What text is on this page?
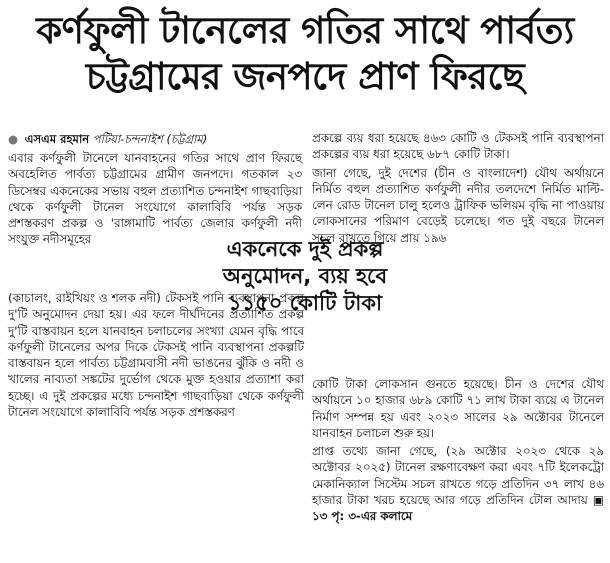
কর্ণফুলী টানেলের গতির সাথে পার্বত্য
চট্টগ্রামের জনপদে প্রাণ ফিরছে
● এসএম রহমান পটিয়া-চন্দনাইশ (চট্টগ্রাম)

এবার কর্ণফুলী টানেলে যানবাহনের গতির সাথে প্রাণ ফিরছে অবহেলিত পার্বত্য চট্টগ্রামের গ্রামীণ জনপদে। গতকাল ২৩ ডিসেম্বর একনেকের সভায় বহুল প্রত্যাশিত চন্দনাইশ গাছবাড়িয়া থেকে কর্ণফুলী টানেল সংযোগে কালাবিবি পর্যন্ত সড়ক প্রশস্তকরণ প্রকল্প ও 'রাঙ্গামাটি পার্বত্য জেলার কর্ণফুলী নদী সংযুক্ত নদীসমূহের	একনেকে দুই প্রকল্প
অনুমোদন, ব্যয় হবে
১১৫০ কোটি টাকা

(কাচালং, রাইখিয়ং ও শলক নদী) টেকসই পানি ব্যবস্থাপনা প্রকল্প দু'টি অনুমোদন দেয়া হয়। এর ফলে দীর্ঘদিনের প্রত্যাশিত প্রকল্প দু'টি বাস্তবায়ন হলে যানবাহন চলাচলের সংখ্যা যেমন বৃদ্ধি পাবে কর্ণফুলী টানেলের অপর দিকে টেকসই পানি ব্যবস্থাপনা প্রকল্পটি বাস্তবায়ন হলে পার্বত্য চট্টগ্রামবাসী নদী ভাঙনের ঝুঁকি ও নদী ও খালের নাব্যতা সঙ্কটের দুর্ভোগ থেকে মুক্ত হওয়ার প্রত্যাশা করা হচ্ছে। এ দুই প্রকল্পের মধ্যে চন্দনাইশ গাছবাড়িয়া থেকে কর্ণফুলী টানেল সংযোগে কালাবিবি পর্যন্ত সড়ক প্রশস্তকরণ

প্রকল্পে ব্যয় ধরা হয়েছে ৪৬৩ কোটি ও টেকসই পানি ব্যবস্থাপনা প্রকল্পের ব্যয় ধরা হয়েছে ৬৮৭ কোটি টাকা।

জানা গেছে, দুই দেশের (চীন ও বাংলাদেশ) যৌথ অর্থায়নে নির্মিত বহুল প্রত্যাশিত কর্ণফুলী নদীর তলদেশে নির্মিত মাল্টি-লেন রোড টানেল চালু হলেও ট্রাফিক ভলিয়ম বৃদ্ধি না পাওয়ায় লোকসানের পরিমাণ বেড়েই চলেছে। গত দুই বছরে টানেল সচল রাখতে গিয়ে প্রায় ১৯৬

কোটি টাকা লোকসান গুনতে হয়েছে। চীন ও দেশের যৌথ অর্থায়নে ১০ হাজার ৬৮৯ কোটি ৭১ লাখ টাকা ব্যয়ে এ টানেল নির্মাণ সম্পন্ন হয় এবং ২০২৩ সালের ২৯ অক্টোবর টানেলে যানবাহন চলাচল শুরু হয়।

প্রাপ্ত তথ্যে জানা গেছে, (২৯ অক্টোর ২০২৩ থেকে ২৯ অক্টোবর ২০২৫) টানেল রক্ষণাবেক্ষণ করা এবং ৭টি ইলেকট্রো মেকানিক্যাল সিস্টেম সচল রাখতে গড়ে প্রতিদিন ৩৭ লাখ ৪৬ হাজার টাকা খরচ হয়েছে আর গড়ে প্রতিদিন টোল আদায় ▣ ১৩ পৃ: ৩-এর কলামে
